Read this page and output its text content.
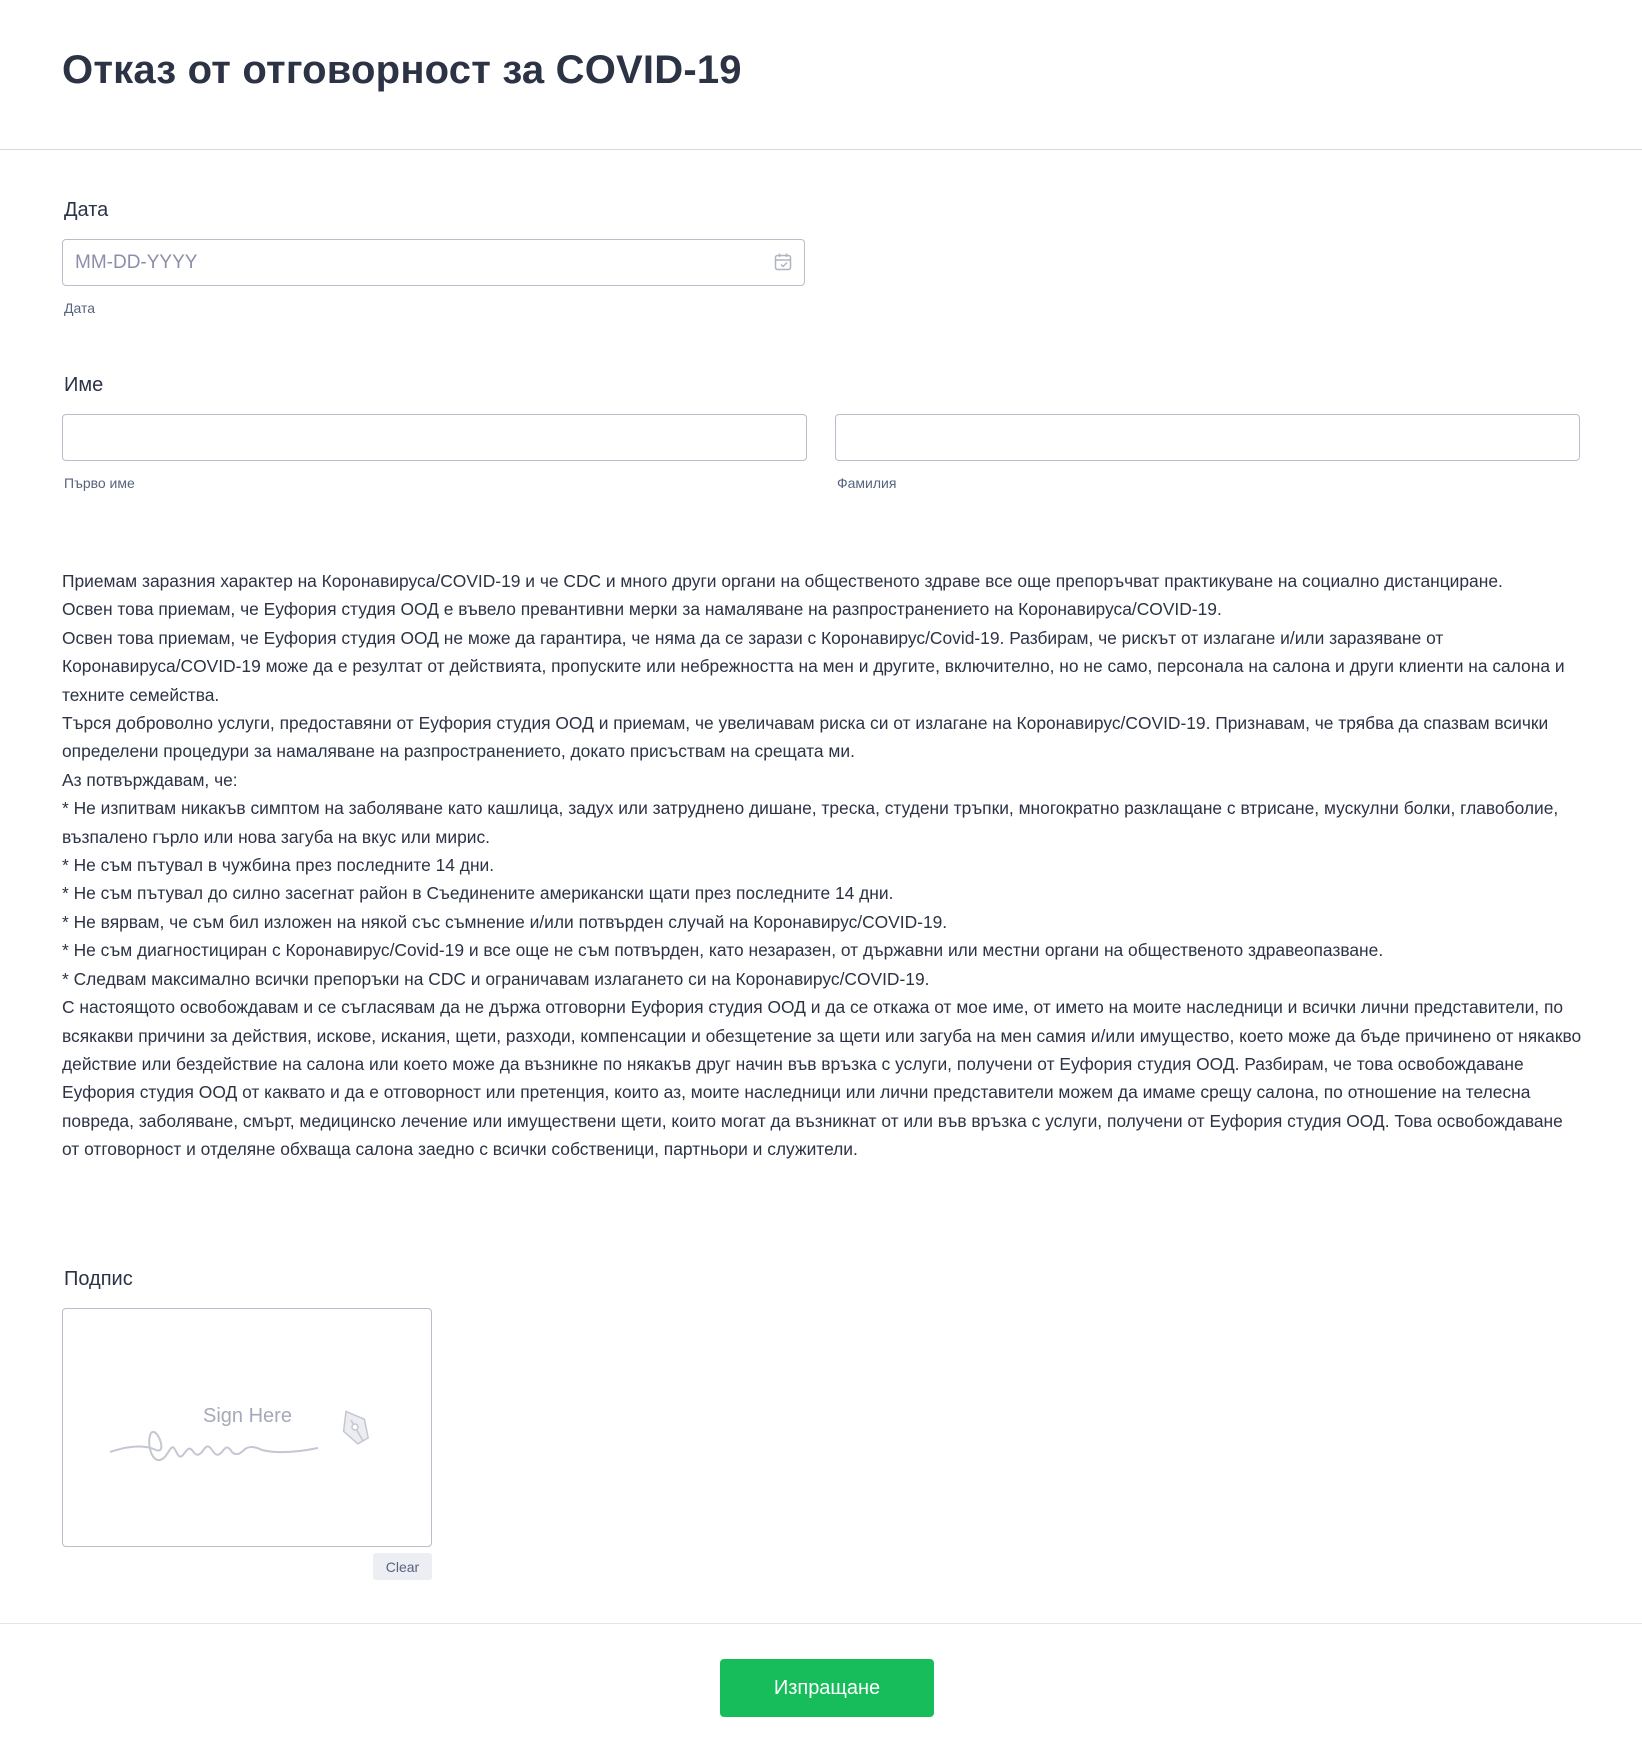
Отказ от отговорност за COVID-19
Дата
MM-DD-YYYY
Дата
Име
Първо име	Фамилия

Приемам заразния характер на Коронавируса/COVID-19 и че CDC и много други органи на общественото здраве все още препоръчват практикуване на социално дистанциране.

Освен това приемам, че Еуфория студия ООД е въвело превантивни мерки за намаляване на разпространението на Коронавируса/COVID-19.

Освен това приемам, че Еуфория студия ООД не може да гарантира, че няма да се зарази с Коронавирус/Covid-19. Разбирам, че рискът от излагане и/или заразяване от Коронавируса/COVID-19 може да е резултат от действията, пропуските или небрежността на мен и другите, включително, но не само, персонала на салона и други клиенти на салона и техните семейства.

Търся доброволно услуги, предоставяни от Еуфория студия ООД и приемам, че увеличавам риска си от излагане на Коронавирус/COVID-19. Признавам, че трябва да спазвам всички определени процедури за намаляване на разпространението, докато присъствам на срещата ми.

Аз потвърждавам, че:

* Не изпитвам никакъв симптом на заболяване като кашлица, задух или затруднено дишане, треска, студени тръпки, многократно разклащане с втрисане, мускулни болки, главоболие, възпалено гърло или нова загуба на вкус или мирис.

* Не съм пътувал в чужбина през последните 14 дни.

* Не съм пътувал до силно засегнат район в Съединените американски щати през последните 14 дни.

* Не вярвам, че съм бил изложен на някой със съмнение и/или потвърден случай на Коронавирус/COVID-19.

* Не съм диагностициран с Коронавирус/Covid-19 и все още не съм потвърден, като незаразен, от държавни или местни органи на общественото здравеопазване.

* Следвам максимално всички препоръки на CDC и ограничавам излагането си на Коронавирус/COVID-19.

С настоящото освобождавам и се съгласявам да не държа отговорни Еуфория студия ООД и да се откажа от мое име, от името на моите наследници и всички лични представители, по всякакви причини за действия, искове, искания, щети, разходи, компенсации и обезщетение за щети или загуба на мен самия и/или имущество, което може да бъде причинено от някакво действие или бездействие на салона или което може да възникне по някакъв друг начин във връзка с услуги, получени от Еуфория студия ООД. Разбирам, че това освобождаване Еуфория студия ООД от каквато и да е отговорност или претенция, които аз, моите наследници или лични представители можем да имаме срещу салона, по отношение на телесна повреда, заболяване, смърт, медицинско лечение или имуществени щети, които могат да възникнат от или във връзка с услуги, получени от Еуфория студия ООД. Това освобождаване от отговорност и отделяне обхваща салона заедно с всички собственици, партньори и служители.

Подпис
Sign Here
Clear
Изпращане
